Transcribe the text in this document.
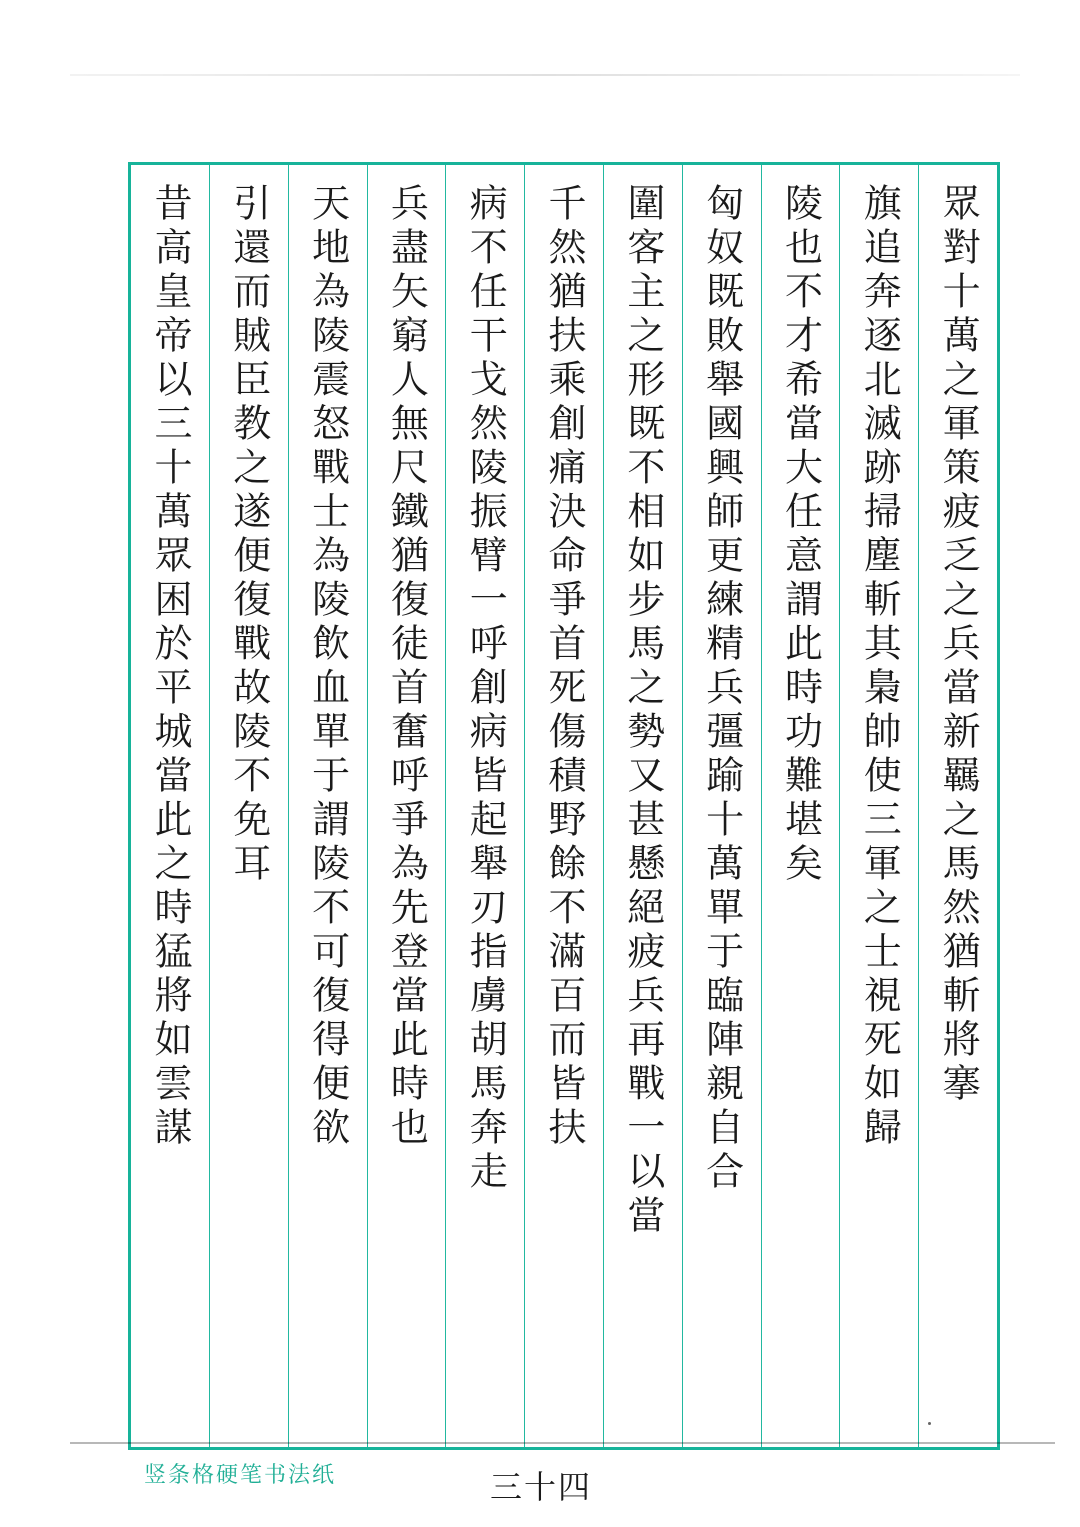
眾對十萬之軍策疲乏之兵當新羈之馬然猶斬將搴
旗追奔逐北滅跡掃塵斬其梟帥使三軍之士視死如歸
陵也不才希當大任意謂此時功難堪矣
匈奴既敗舉國興師更練精兵彊踰十萬單于臨陣親自合
圍客主之形既不相如步馬之勢又甚懸絕疲兵再戰一以當
千然猶扶乘創痛決命爭首死傷積野餘不滿百而皆扶
病不任干戈然陵振臂一呼創病皆起舉刃指虜胡馬奔走
兵盡矢窮人無尺鐵猶復徒首奮呼爭為先登當此時也
天地為陵震怒戰士為陵飲血單于謂陵不可復得便欲
引還而賊臣教之遂便復戰故陵不免耳
昔高皇帝以三十萬眾困於平城當此之時猛將如雲謀
竖条格硬笔书法纸	三十四
